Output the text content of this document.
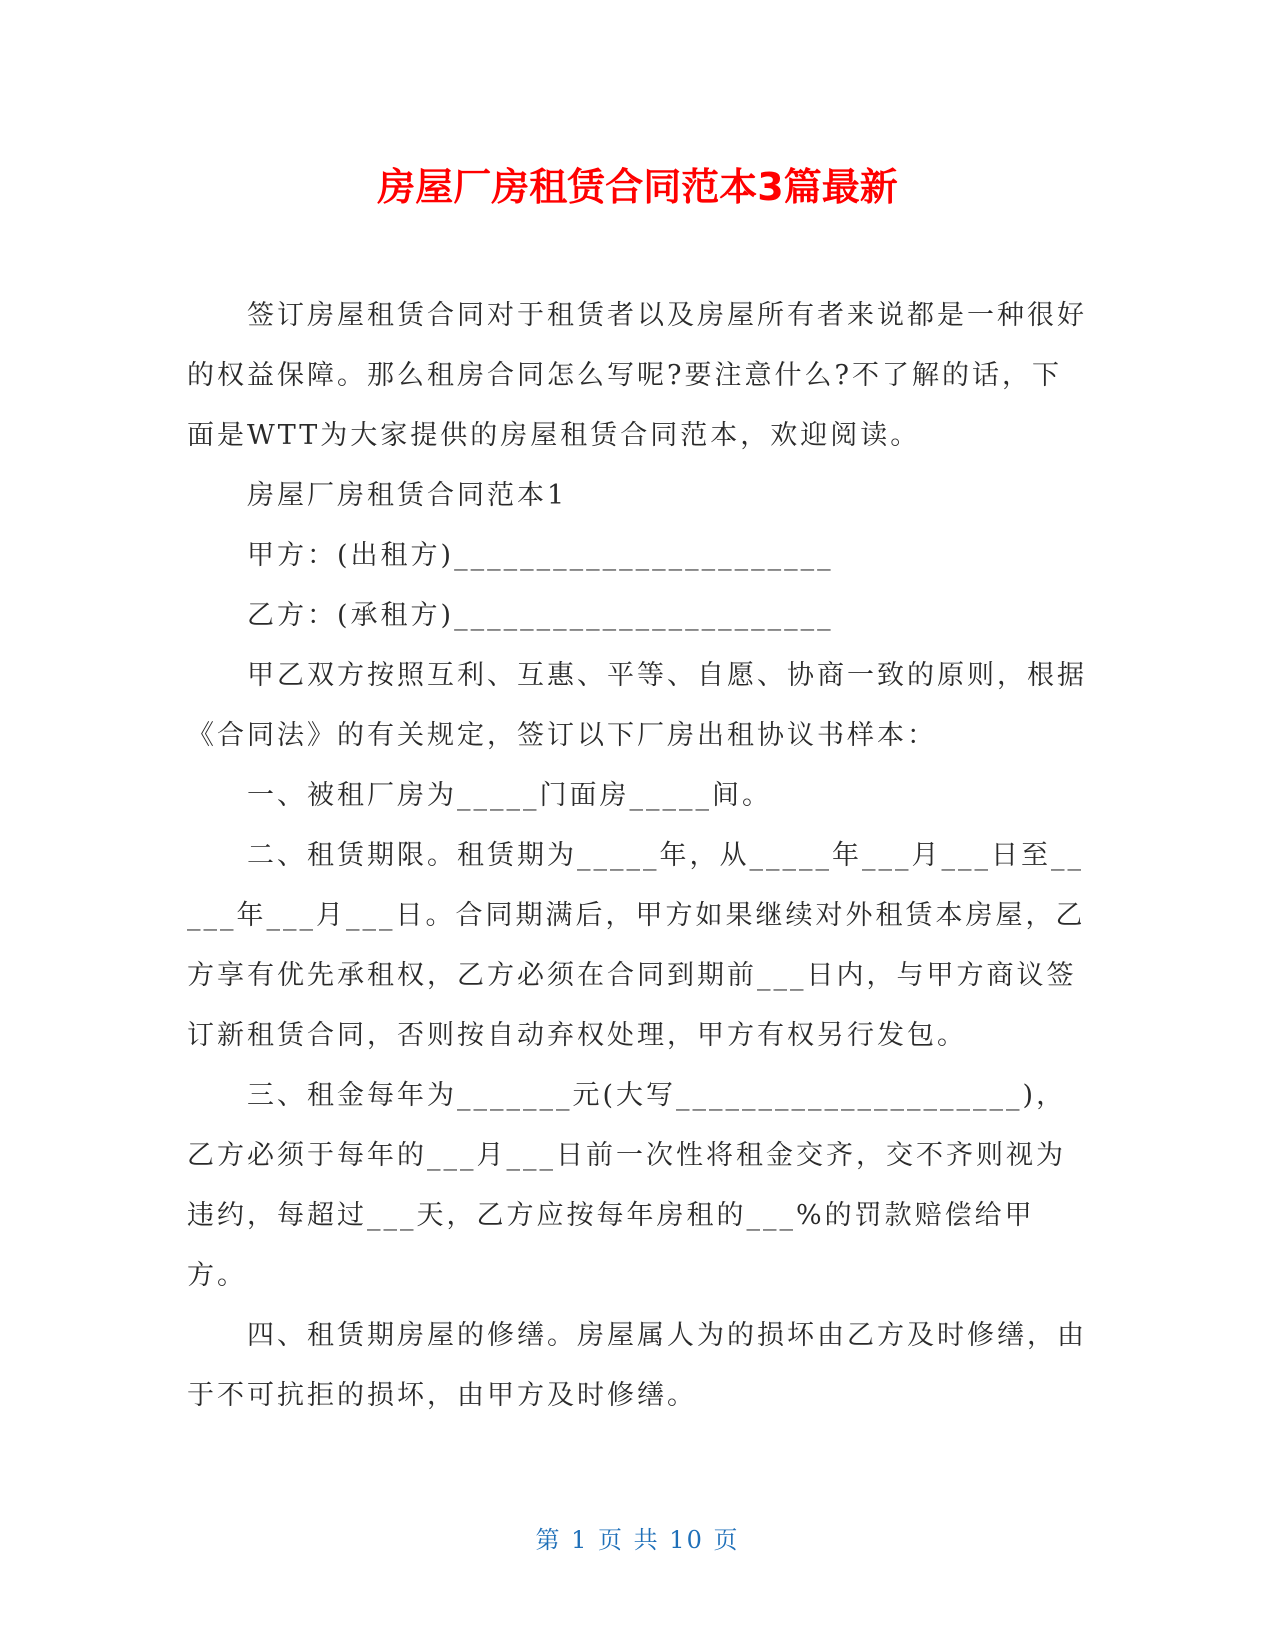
房屋厂房租赁合同范本3篇最新

签订房屋租赁合同对于租赁者以及房屋所有者来说都是一种很好的权益保障。那么租房合同怎么写呢?要注意什么?不了解的话，下面是WTT为大家提供的房屋租赁合同范本，欢迎阅读。

房屋厂房租赁合同范本1

甲方：(出租方)_______________________

乙方：(承租方)_______________________

甲乙双方按照互利、互惠、平等、自愿、协商一致的原则，根据《合同法》的有关规定，签订以下厂房出租协议书样本：

一、被租厂房为_____门面房_____间。

二、租赁期限。租赁期为_____年，从_____年___月___日至_____年___月___日。合同期满后，甲方如果继续对外租赁本房屋，乙方享有优先承租权，乙方必须在合同到期前___日内，与甲方商议签订新租赁合同，否则按自动弃权处理，甲方有权另行发包。

三、租金每年为_______元(大写_____________________)，乙方必须于每年的___月___日前一次性将租金交齐，交不齐则视为违约，每超过___天，乙方应按每年房租的___%的罚款赔偿给甲方。

四、租赁期房屋的修缮。房屋属人为的损坏由乙方及时修缮，由于不可抗拒的损坏，由甲方及时修缮。

第 1 页 共 10 页
